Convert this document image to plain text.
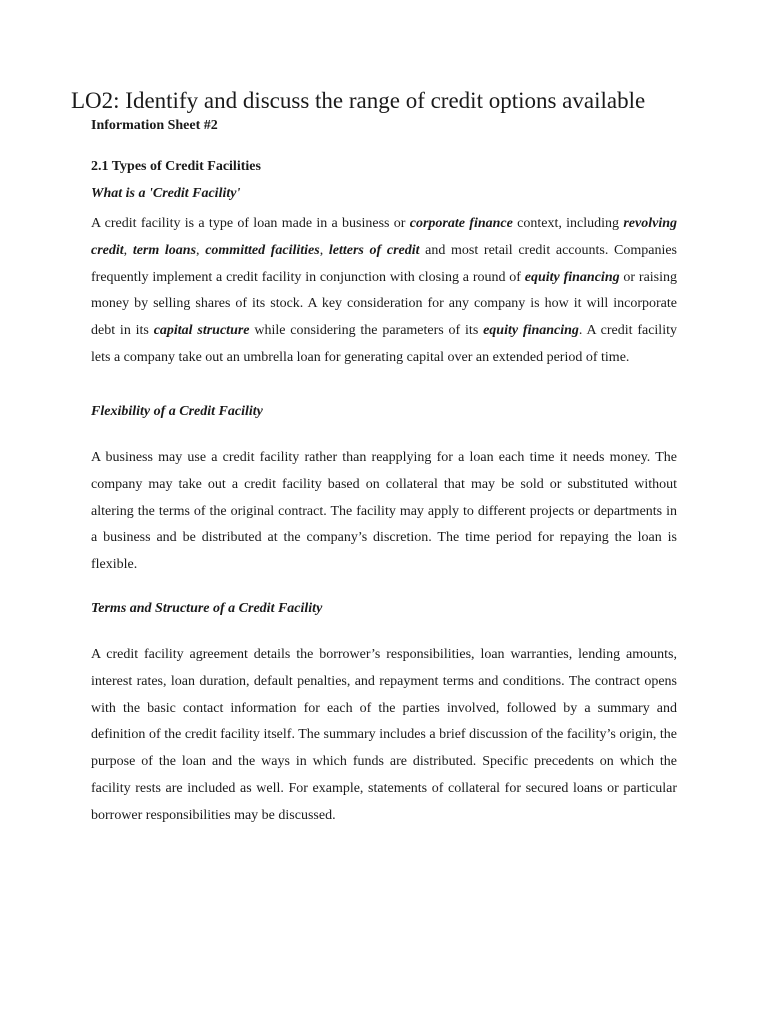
LO2: Identify and discuss the range of credit options available

Information Sheet #2

2.1 Types of Credit Facilities
What is a 'Credit Facility'

A credit facility is a type of loan made in a business or corporate finance context, including revolving credit, term loans, committed facilities, letters of credit and most retail credit accounts. Companies frequently implement a credit facility in conjunction with closing a round of equity financing or raising money by selling shares of its stock. A key consideration for any company is how it will incorporate debt in its capital structure while considering the parameters of its equity financing. A credit facility lets a company take out an umbrella loan for generating capital over an extended period of time.

Flexibility of a Credit Facility

A business may use a credit facility rather than reapplying for a loan each time it needs money. The company may take out a credit facility based on collateral that may be sold or substituted without altering the terms of the original contract. The facility may apply to different projects or departments in a business and be distributed at the company’s discretion. The time period for repaying the loan is flexible.

Terms and Structure of a Credit Facility

A credit facility agreement details the borrower’s responsibilities, loan warranties, lending amounts, interest rates, loan duration, default penalties, and repayment terms and conditions. The contract opens with the basic contact information for each of the parties involved, followed by a summary and definition of the credit facility itself. The summary includes a brief discussion of the facility’s origin, the purpose of the loan and the ways in which funds are distributed. Specific precedents on which the facility rests are included as well. For example, statements of collateral for secured loans or particular borrower responsibilities may be discussed.
